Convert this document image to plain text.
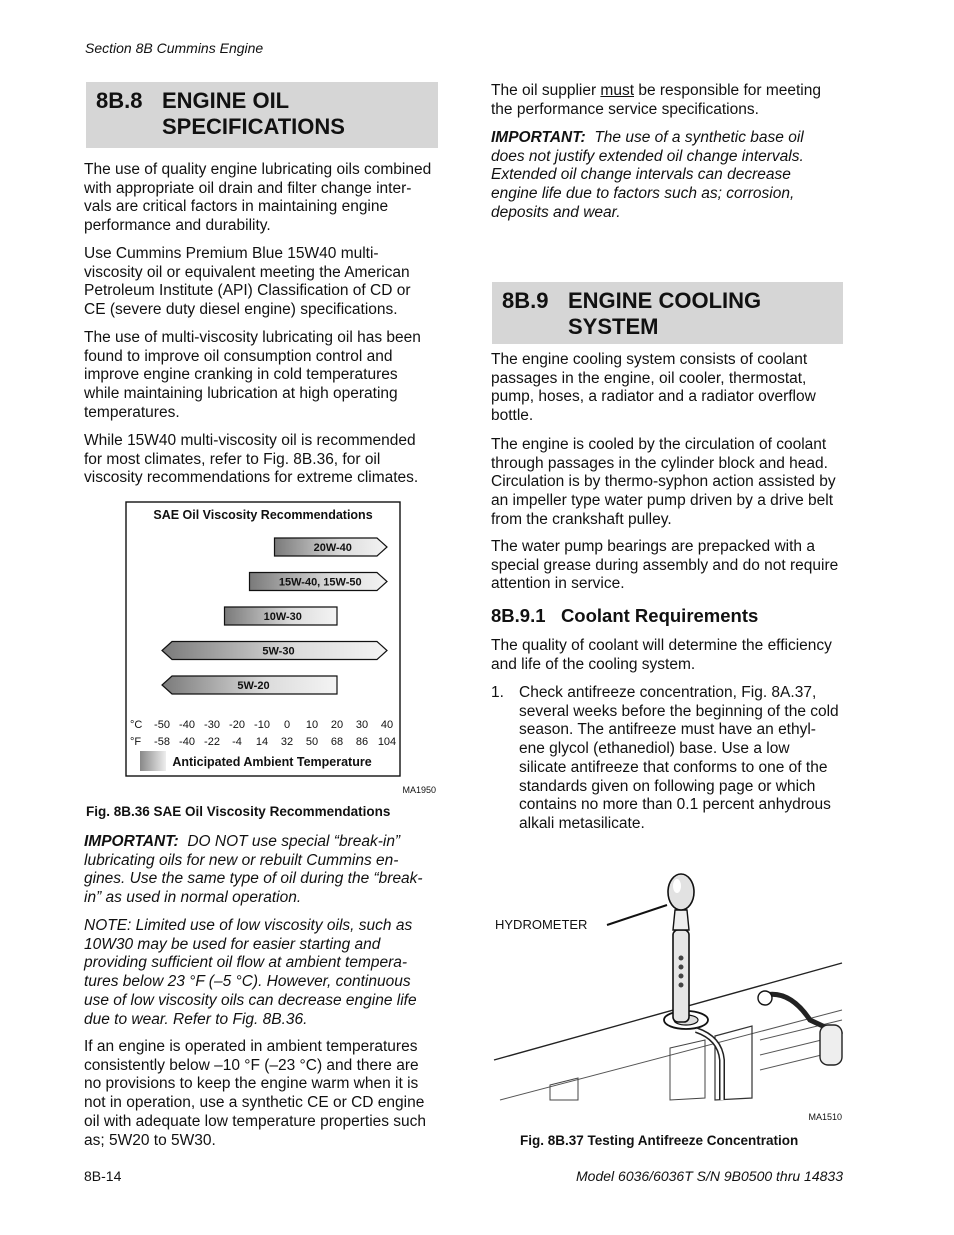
Section 8B Cummins Engine
8B.8 ENGINE OIL
SPECIFICATIONS
The use of quality engine lubricating oils combined
with appropriate oil drain and filter change inter-
vals are critical factors in maintaining engine
performance and durability.
Use Cummins Premium Blue 15W40 multi-
viscosity oil or equivalent meeting the American
Petroleum Institute (API) Classification of CD or
CE (severe duty diesel engine) specifications.
The use of multi-viscosity lubricating oil has been
found to improve oil consumption control and
improve engine cranking in cold temperatures
while maintaining lubrication at high operating
temperatures.
While 15W40 multi-viscosity oil is recommended
for most climates, refer to Fig. 8B.36, for oil
viscosity recommendations for extreme climates.
SAE Oil Viscosity Recommendations
20W-40
15W-40, 15W-50
10W-30
5W-30
5W-20
°C
°F
-50 -40 -30 -20 -10 0 10 20 30 40
-58 -40 -22 -4 14 32 50 68 86 104
Anticipated Ambient Temperature
MA1950
Fig. 8B.36 SAE Oil Viscosity Recommendations
IMPORTANT: DO NOT use special “break-in”
lubricating oils for new or rebuilt Cummins en-
gines. Use the same type of oil during the “break-
in” as used in normal operation.
NOTE: Limited use of low viscosity oils, such as
10W30 may be used for easier starting and
providing sufficient oil flow at ambient tempera-
tures below 23 °F (–5 °C). However, continuous
use of low viscosity oils can decrease engine life
due to wear. Refer to Fig. 8B.36.
If an engine is operated in ambient temperatures
consistently below –10 °F (–23 °C) and there are
no provisions to keep the engine warm when it is
not in operation, use a synthetic CE or CD engine
oil with adequate low temperature properties such
as; 5W20 to 5W30.
The oil supplier must be responsible for meeting
the performance service specifications.
IMPORTANT: The use of a synthetic base oil
does not justify extended oil change intervals.
Extended oil change intervals can decrease
engine life due to factors such as; corrosion,
deposits and wear.
8B.9 ENGINE COOLING
SYSTEM
The engine cooling system consists of coolant
passages in the engine, oil cooler, thermostat,
pump, hoses, a radiator and a radiator overflow
bottle.
The engine is cooled by the circulation of coolant
through passages in the cylinder block and head.
Circulation is by thermo-syphon action assisted by
an impeller type water pump driven by a drive belt
from the crankshaft pulley.
The water pump bearings are prepacked with a
special grease during assembly and do not require
attention in service.
8B.9.1 Coolant Requirements
The quality of coolant will determine the efficiency
and life of the cooling system.
1. Check antifreeze concentration, Fig. 8A.37,
several weeks before the beginning of the cold
season. The antifreeze must have an ethyl-
ene glycol (ethanediol) base. Use a low
silicate antifreeze that conforms to one of the
standards given on following page or which
contains no more than 0.1 percent anhydrous
alkali metasilicate.
HYDROMETER
MA1510
Fig. 8B.37 Testing Antifreeze Concentration
8B-14	Model 6036/6036T S/N 9B0500 thru 14833
